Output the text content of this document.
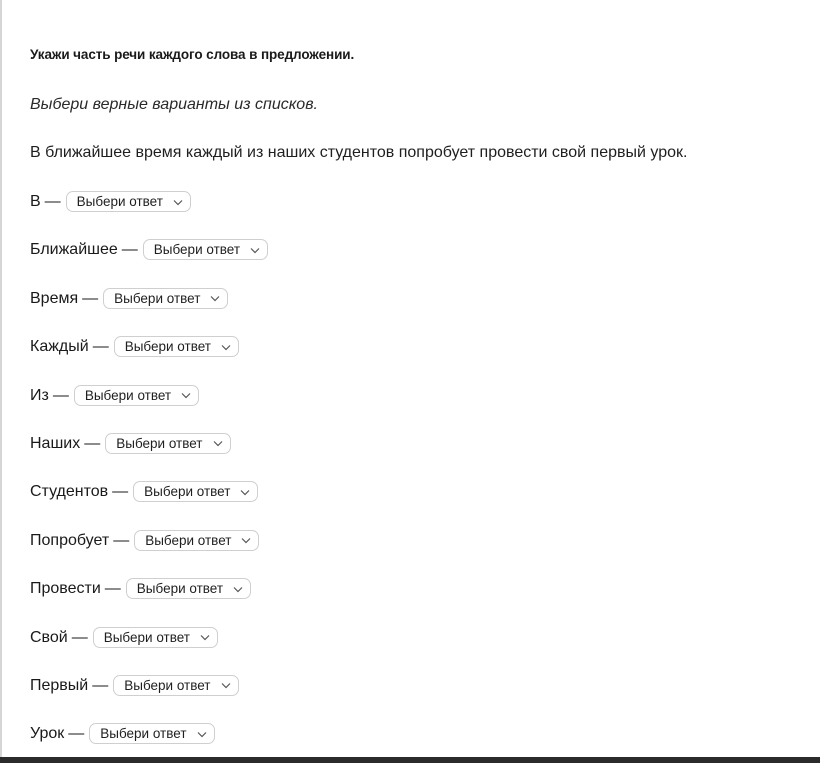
Укажи часть речи каждого слова в предложении.
Выбери верные варианты из списков.
В ближайшее время каждый из наших студентов попробует провести свой первый урок.
В — Выбери ответ
Ближайшее — Выбери ответ
Время — Выбери ответ
Каждый — Выбери ответ
Из — Выбери ответ
Наших — Выбери ответ
Студентов — Выбери ответ
Попробует — Выбери ответ
Провести — Выбери ответ
Свой — Выбери ответ
Первый — Выбери ответ
Урок — Выбери ответ
